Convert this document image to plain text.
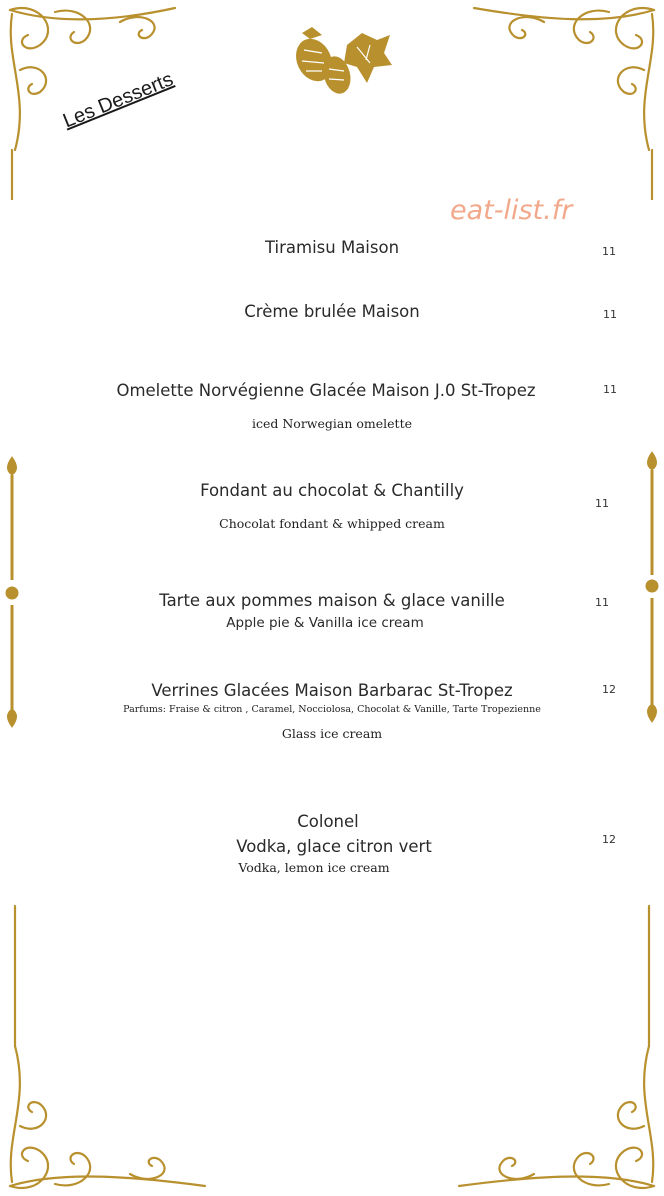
Les Desserts
eat-list.fr
Tiramisu Maison	11
Crème brulée Maison	11
Omelette Norvégienne Glacée Maison J.0 St-Tropez
iced Norwegian omelette
11
Fondant au chocolat & Chantilly
Chocolat fondant & whipped cream
11
Tarte aux pommes maison & glace vanille
Apple pie & Vanilla ice cream
11
Verrines Glacées Maison Barbarac St-Tropez
Parfums: Fraise & citron , Caramel, Nocciolosa, Chocolat & Vanille, Tarte Tropezienne
Glass ice cream
12
Colonel
Vodka, glace citron vert
Vodka, lemon ice cream
12
